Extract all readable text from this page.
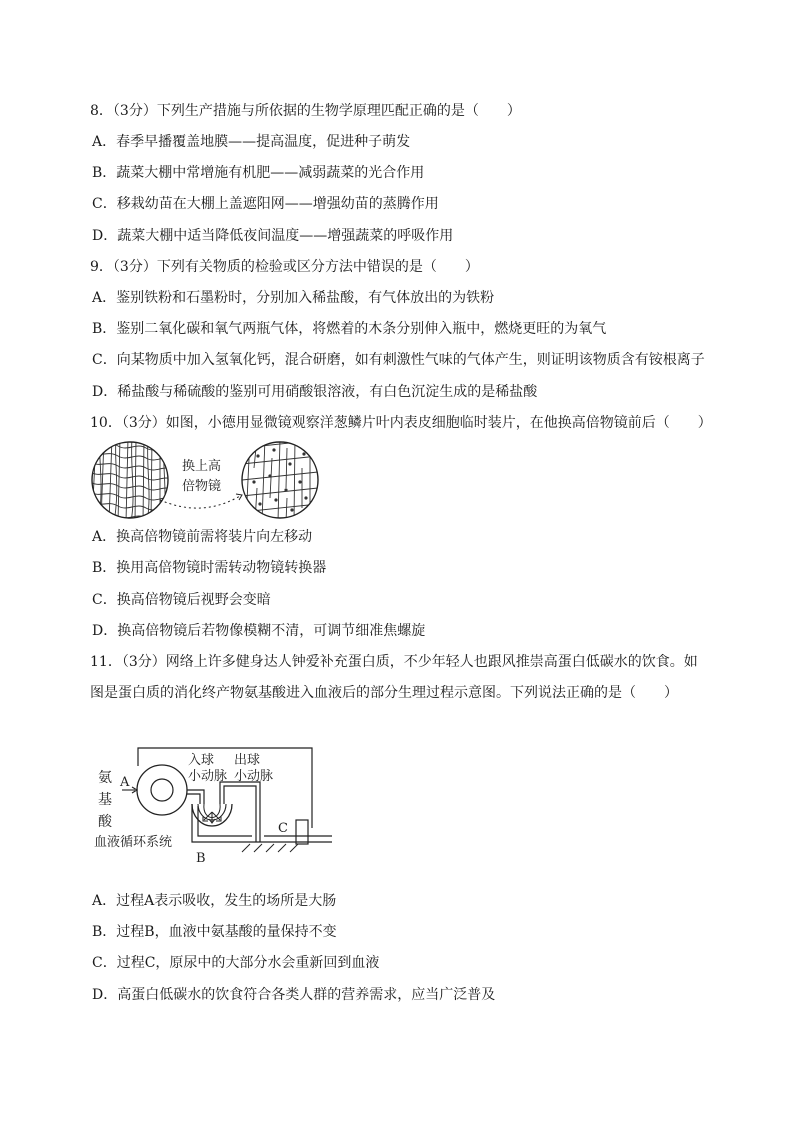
8．（3分）下列生产措施与所依据的生物学原理匹配正确的是（　　）
A．春季早播覆盖地膜——提高温度，促进种子萌发
B．蔬菜大棚中常增施有机肥——减弱蔬菜的光合作用
C．移栽幼苗在大棚上盖遮阳网——增强幼苗的蒸腾作用
D．蔬菜大棚中适当降低夜间温度——增强蔬菜的呼吸作用
9．（3分）下列有关物质的检验或区分方法中错误的是（　　）
A．鉴别铁粉和石墨粉时，分别加入稀盐酸，有气体放出的为铁粉
B．鉴别二氧化碳和氧气两瓶气体，将燃着的木条分别伸入瓶中，燃烧更旺的为氧气
C．向某物质中加入氢氧化钙，混合研磨，如有刺激性气味的气体产生，则证明该物质含有铵根离子
D．稀盐酸与稀硫酸的鉴别可用硝酸银溶液，有白色沉淀生成的是稀盐酸
10．（3分）如图，小德用显微镜观察洋葱鳞片叶内表皮细胞临时装片，在他换高倍物镜前后（　　）
换上高
倍物镜
A．换高倍物镜前需将装片向左移动
B．换用高倍物镜时需转动物镜转换器
C．换高倍物镜后视野会变暗
D．换高倍物镜后若物像模糊不清，可调节细准焦螺旋
11．（3分）网络上许多健身达人钟爱补充蛋白质，不少年轻人也跟风推崇高蛋白低碳水的饮食。如图是蛋白质的消化终产物氨基酸进入血液后的部分生理过程示意图。下列说法正确的是（　　）
氨
基
酸
A
入球
小动脉
出球
小动脉
血液循环系统
B
C
A．过程A表示吸收，发生的场所是大肠
B．过程B，血液中氨基酸的量保持不变
C．过程C，原尿中的大部分水会重新回到血液
D．高蛋白低碳水的饮食符合各类人群的营养需求，应当广泛普及
